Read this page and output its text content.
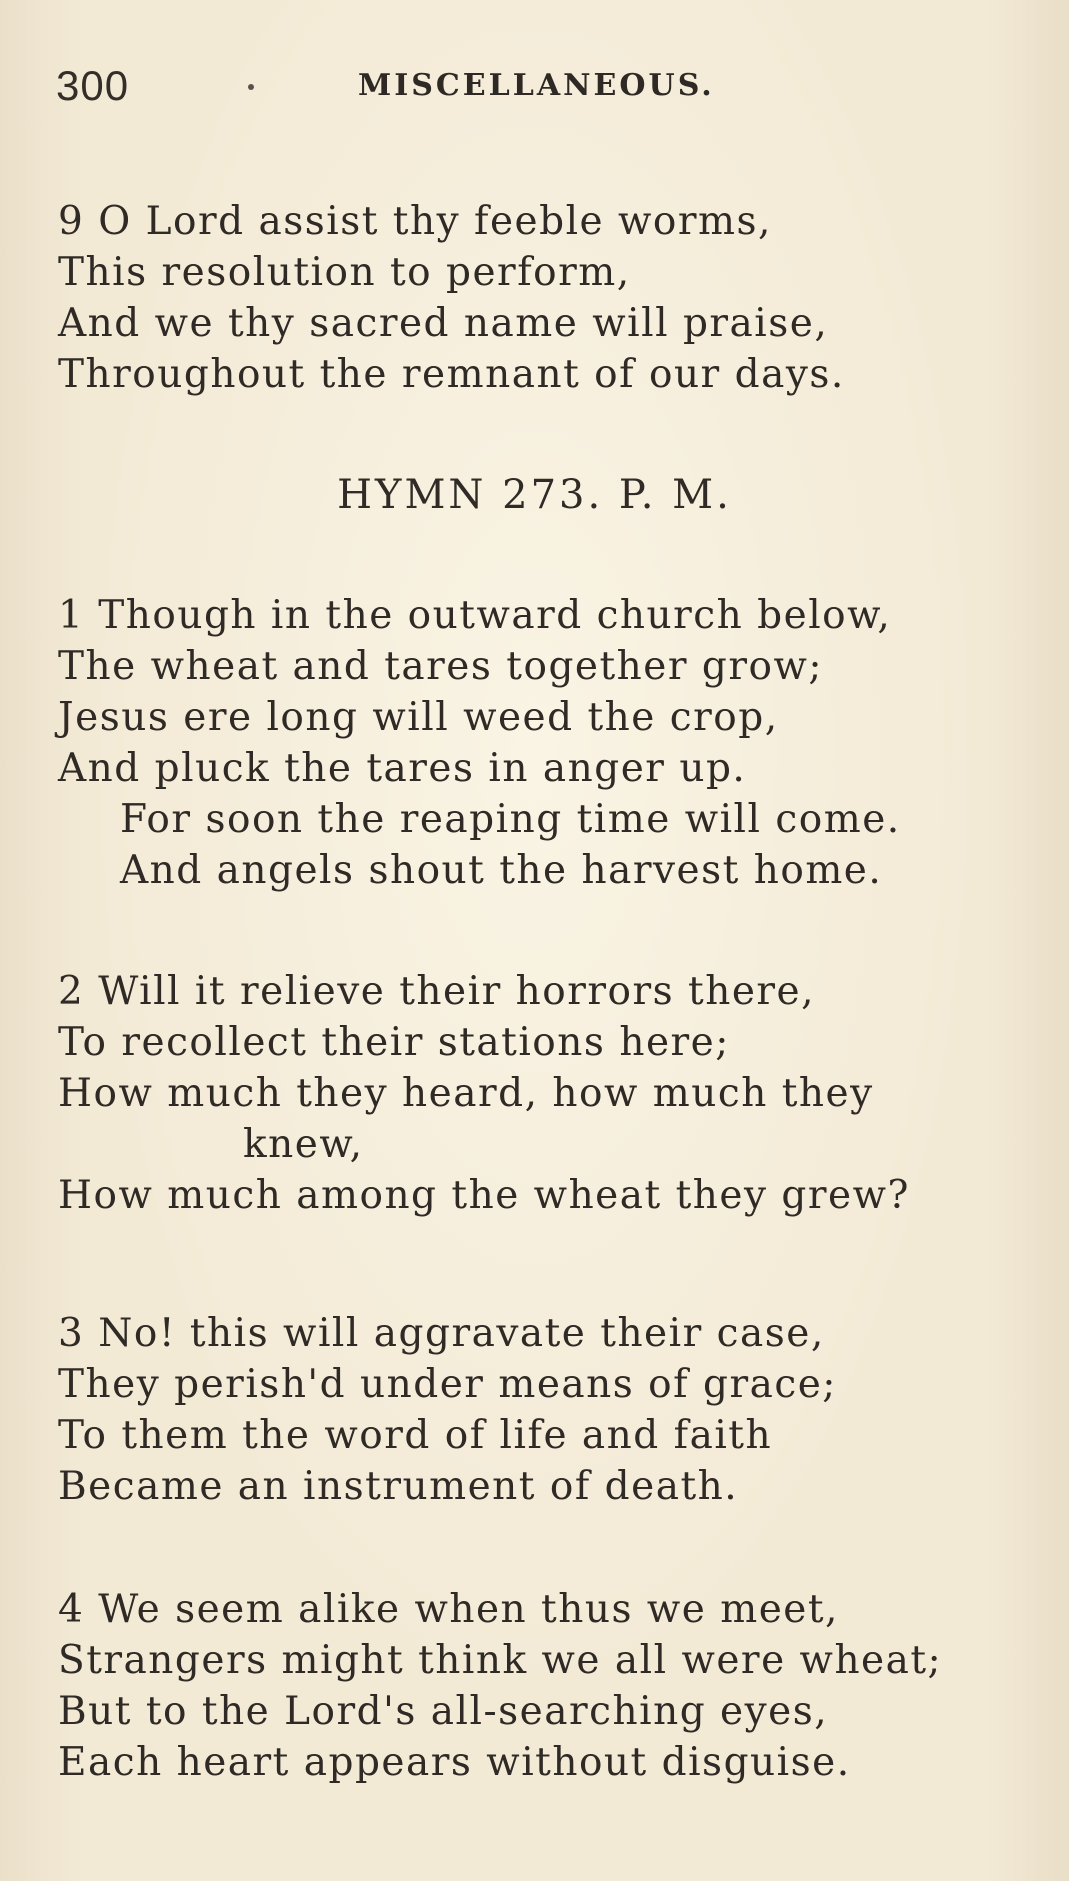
300	MISCELLANEOUS.
9 O Lord assist thy feeble worms,
This resolution to perform,
And we thy sacred name will praise,
Throughout the remnant of our days.
HYMN 273. P. M.
1 Though in the outward church below,
The wheat and tares together grow;
Jesus ere long will weed the crop,
And pluck the tares in anger up.
For soon the reaping time will come.
And angels shout the harvest home.
2 Will it relieve their horrors there,
To recollect their stations here;
How much they heard, how much they
knew,
How much among the wheat they grew?
3 No! this will aggravate their case,
They perish'd under means of grace;
To them the word of life and faith
Became an instrument of death.
4 We seem alike when thus we meet,
Strangers might think we all were wheat;
But to the Lord's all-searching eyes,
Each heart appears without disguise.
